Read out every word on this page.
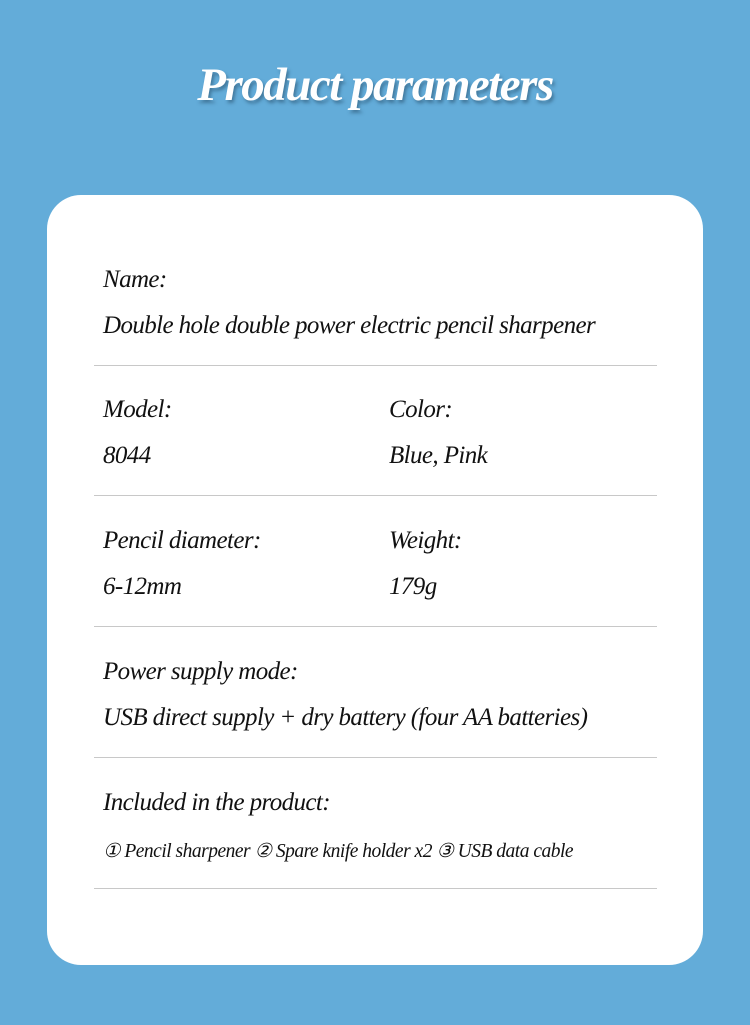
Product parameters
Name:
Double hole double power electric pencil sharpener
Model:
8044
Color:
Blue, Pink
Pencil diameter:
6-12mm
Weight:
179g
Power supply mode:
USB direct supply + dry battery (four AA batteries)
Included in the product:
① Pencil sharpener ② Spare knife holder x2 ③ USB data cable
